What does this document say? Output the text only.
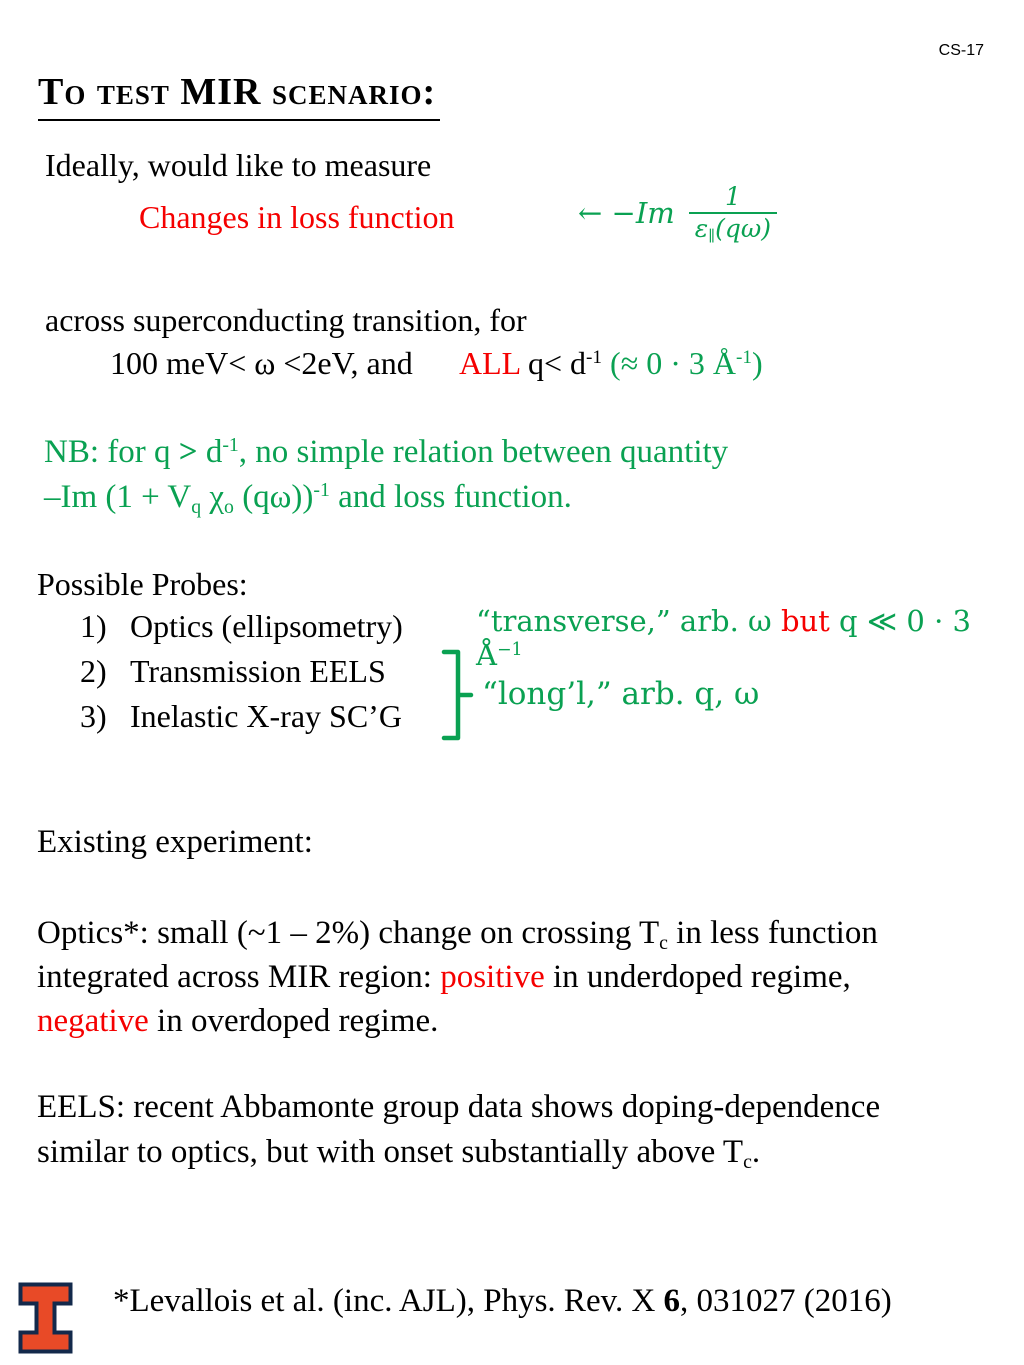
CS-17
To test MIR scenario:
Ideally, would like to measure
Changes in loss function	← $-Im \frac{1}{\varepsilon_\parallel(q\omega)}$
across superconducting transition, for
100 meV< ω <2eV, and      ALL $q< d^{-1}$ (≈ 0 · 3 $Å^{-1}$)
NB: for $q > d^{-1}$, no simple relation between quantity
–Im ($1 + V_q$ $\chi_o$ (qω))$^{-1}$ and loss function.
Possible Probes:
1) Optics (ellipsometry)
2) Transmission EELS
3) Inelastic X-ray SC’G
“transverse,” arb. ω but q ≪ 0 · 3 $Å^{-1}$
“long’l,” arb. q, ω
Existing experiment:
Optics*: small (~1 – 2%) change on crossing $T_c$ in less function
integrated across MIR region: positive in underdoped regime,
negative in overdoped regime.
EELS: recent Abbamonte group data shows doping-dependence
similar to optics, but with onset substantially above $T_c$.
*Levallois et al. (inc. AJL), Phys. Rev. X 6, 031027 (2016)
